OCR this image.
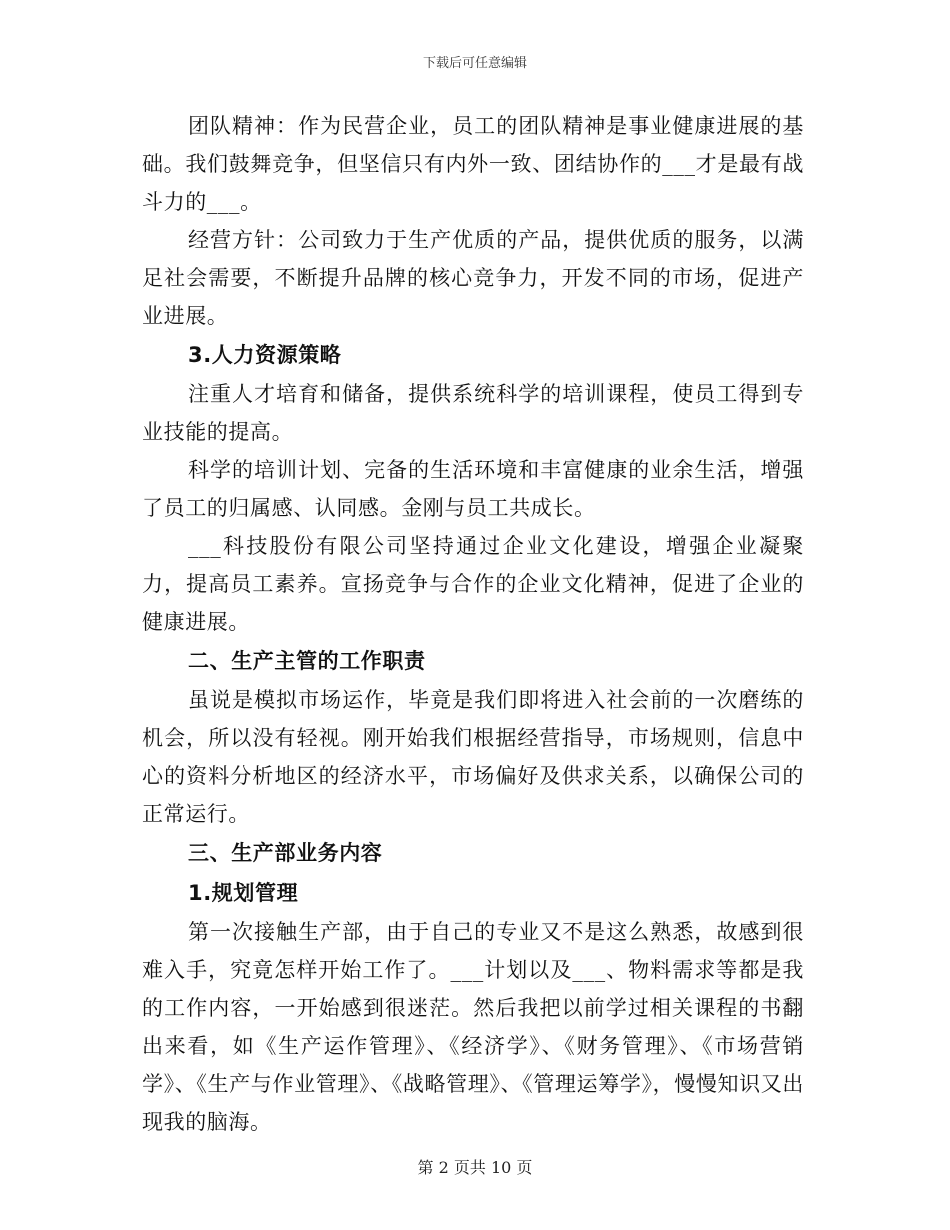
下载后可任意编辑

团队精神：作为民营企业，员工的团队精神是事业健康进展的基础。我们鼓舞竞争，但坚信只有内外一致、团结协作的___才是最有战斗力的___。

经营方针：公司致力于生产优质的产品，提供优质的服务，以满足社会需要，不断提升品牌的核心竞争力，开发不同的市场，促进产业进展。

3.人力资源策略

注重人才培育和储备，提供系统科学的培训课程，使员工得到专业技能的提高。

科学的培训计划、完备的生活环境和丰富健康的业余生活，增强了员工的归属感、认同感。金刚与员工共成长。

___科技股份有限公司坚持通过企业文化建设，增强企业凝聚力，提高员工素养。宣扬竞争与合作的企业文化精神，促进了企业的健康进展。

二、生产主管的工作职责

虽说是模拟市场运作，毕竟是我们即将进入社会前的一次磨练的机会，所以没有轻视。刚开始我们根据经营指导，市场规则，信息中心的资料分析地区的经济水平，市场偏好及供求关系，以确保公司的正常运行。

三、生产部业务内容

1.规划管理

第一次接触生产部，由于自己的专业又不是这么熟悉，故感到很难入手，究竟怎样开始工作了。___计划以及___、物料需求等都是我的工作内容，一开始感到很迷茫。然后我把以前学过相关课程的书翻出来看，如《生产运作管理》、《经济学》、《财务管理》、《市场营销学》、《生产与作业管理》、《战略管理》、《管理运筹学》，慢慢知识又出现我的脑海。

第 2 页共 10 页
